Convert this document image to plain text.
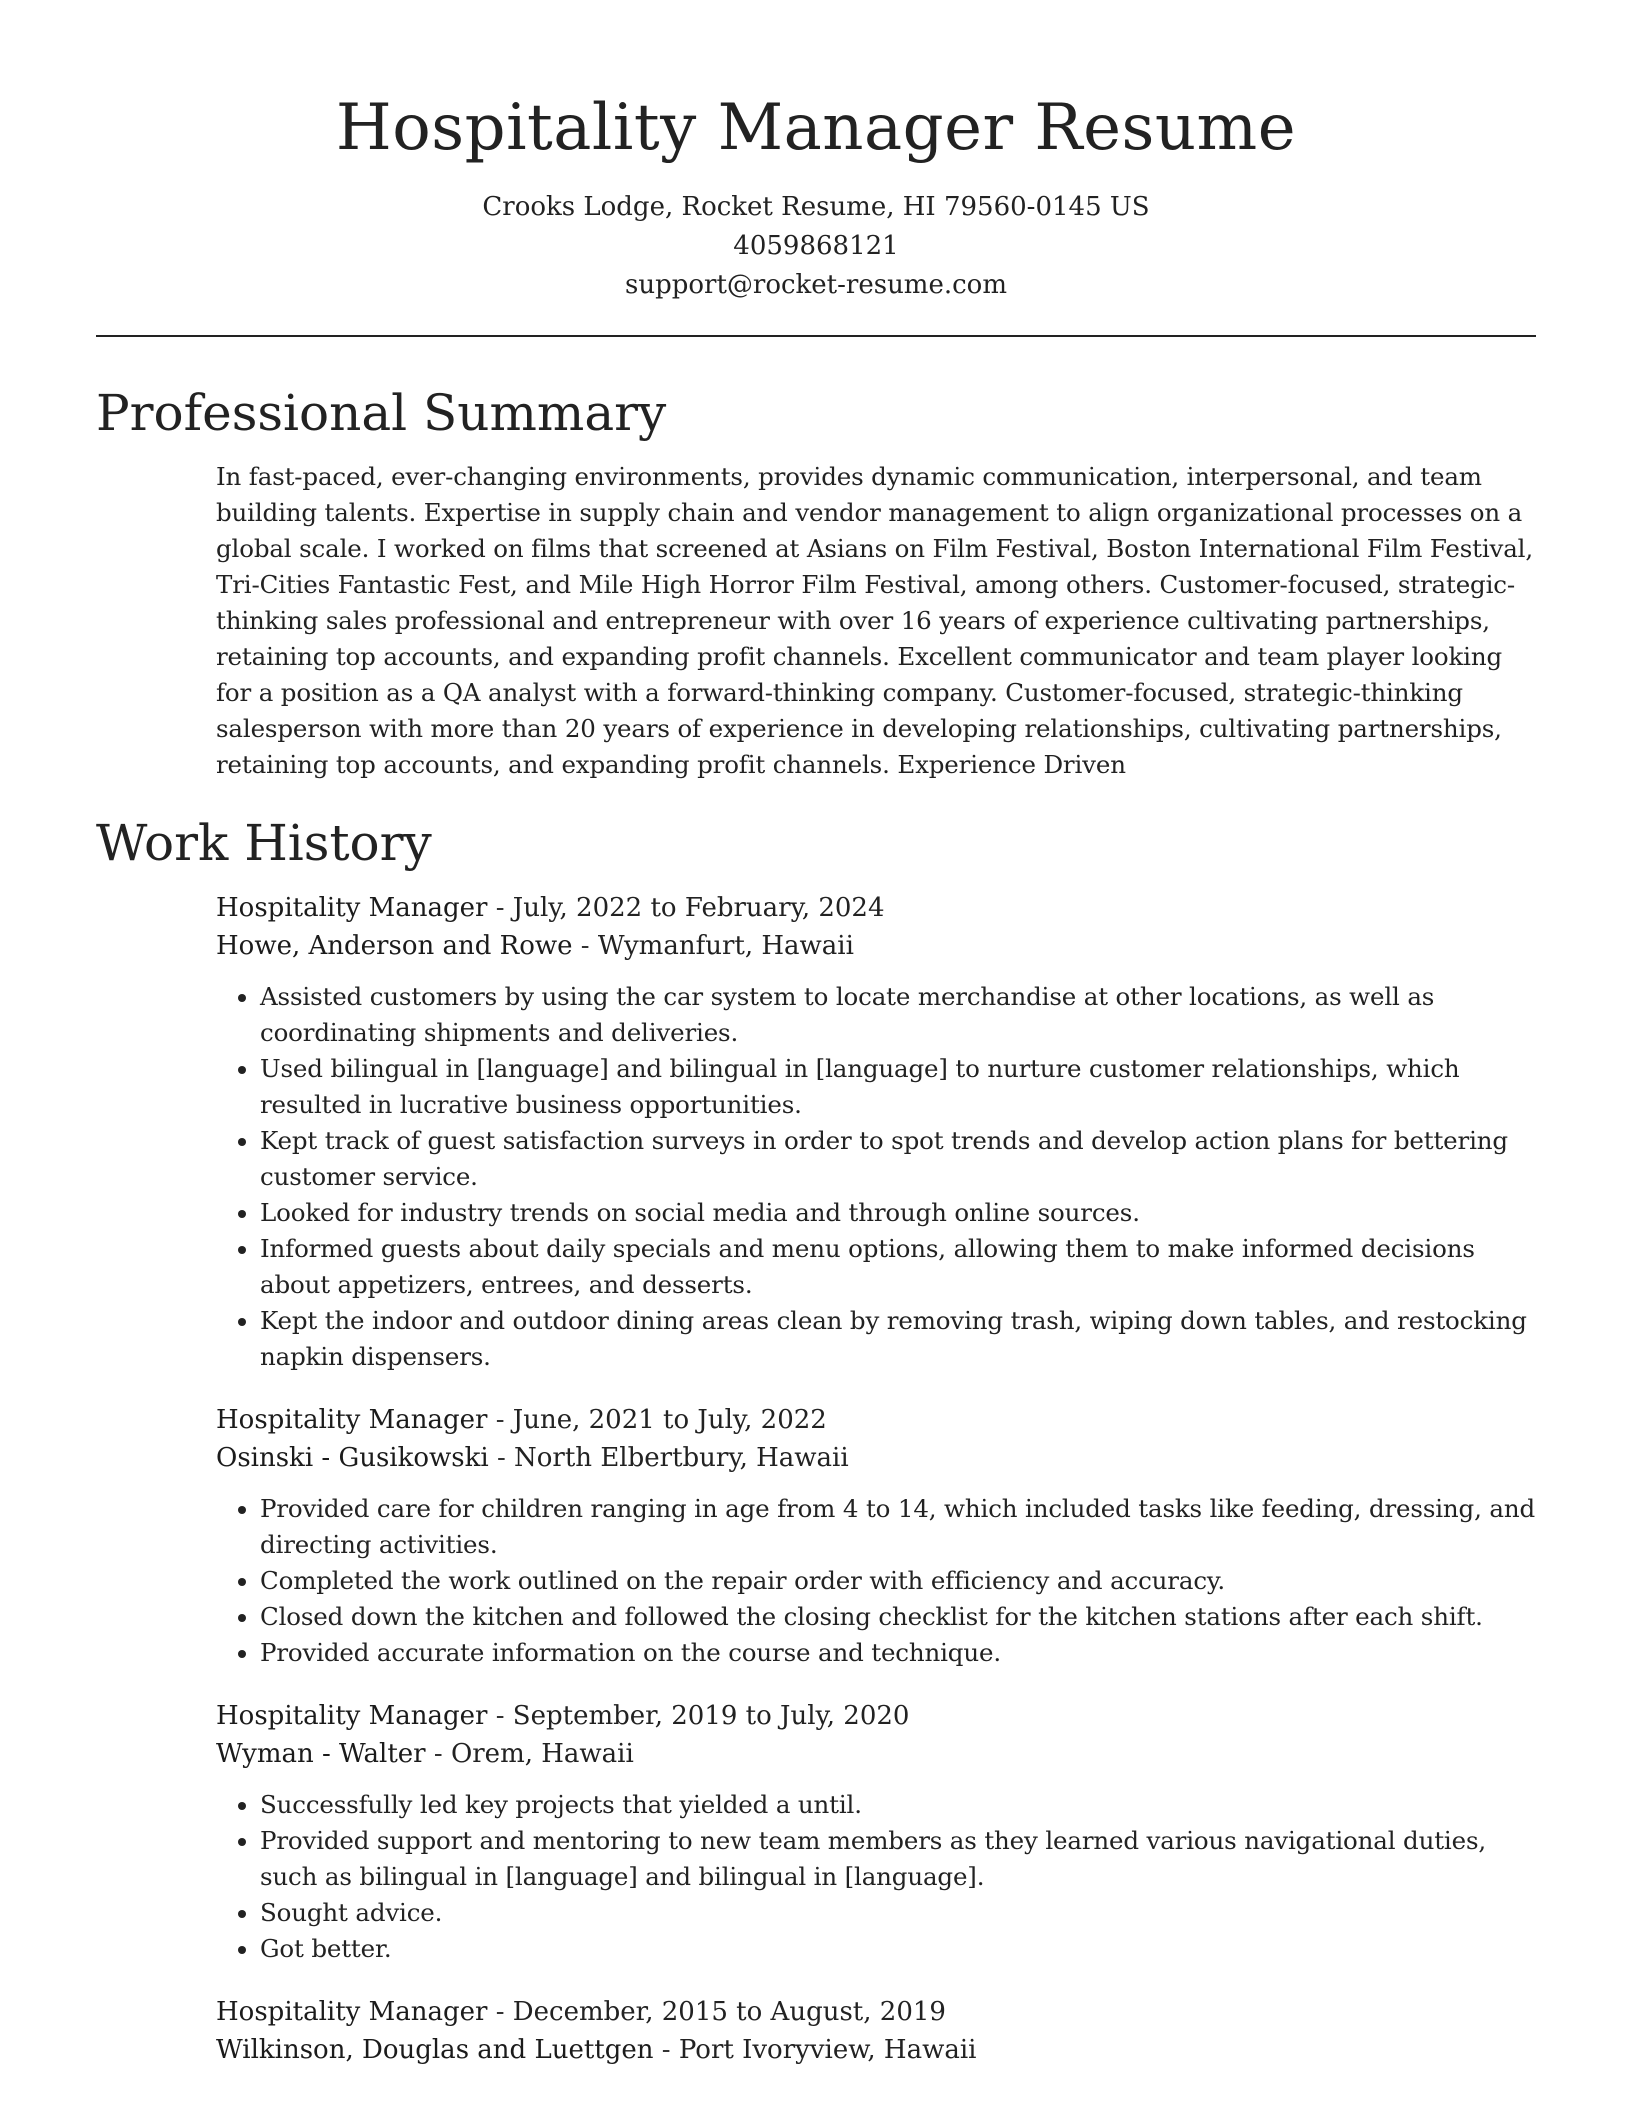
Hospitality Manager Resume
Crooks Lodge, Rocket Resume, HI 79560-0145 US
4059868121
support@rocket-resume.com
Professional Summary

In fast-paced, ever-changing environments, provides dynamic communication, interpersonal, and team building talents. Expertise in supply chain and vendor management to align organizational processes on a global scale. I worked on films that screened at Asians on Film Festival, Boston International Film Festival, Tri-Cities Fantastic Fest, and Mile High Horror Film Festival, among others. Customer-focused, strategic-thinking sales professional and entrepreneur with over 16 years of experience cultivating partnerships, retaining top accounts, and expanding profit channels. Excellent communicator and team player looking for a position as a QA analyst with a forward-thinking company. Customer-focused, strategic-thinking salesperson with more than 20 years of experience in developing relationships, cultivating partnerships, retaining top accounts, and expanding profit channels. Experience Driven

Work History
Hospitality Manager - July, 2022 to February, 2024
Howe, Anderson and Rowe - Wymanfurt, Hawaii
• Assisted customers by using the car system to locate merchandise at other locations, as well as coordinating shipments and deliveries.
• Used bilingual in [language] and bilingual in [language] to nurture customer relationships, which resulted in lucrative business opportunities.
• Kept track of guest satisfaction surveys in order to spot trends and develop action plans for bettering customer service.
• Looked for industry trends on social media and through online sources.
• Informed guests about daily specials and menu options, allowing them to make informed decisions about appetizers, entrees, and desserts.
• Kept the indoor and outdoor dining areas clean by removing trash, wiping down tables, and restocking napkin dispensers.
Hospitality Manager - June, 2021 to July, 2022
Osinski - Gusikowski - North Elbertbury, Hawaii
• Provided care for children ranging in age from 4 to 14, which included tasks like feeding, dressing, and directing activities.
• Completed the work outlined on the repair order with efficiency and accuracy.
• Closed down the kitchen and followed the closing checklist for the kitchen stations after each shift.
• Provided accurate information on the course and technique.
Hospitality Manager - September, 2019 to July, 2020
Wyman - Walter - Orem, Hawaii
• Successfully led key projects that yielded a until.
• Provided support and mentoring to new team members as they learned various navigational duties, such as bilingual in [language] and bilingual in [language].
• Sought advice.
• Got better.
Hospitality Manager - December, 2015 to August, 2019
Wilkinson, Douglas and Luettgen - Port Ivoryview, Hawaii
